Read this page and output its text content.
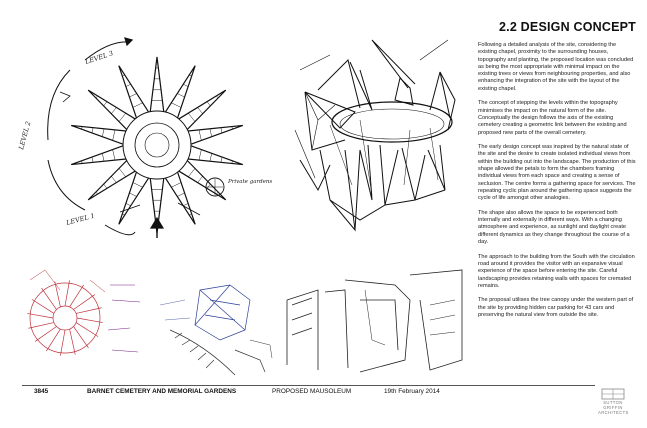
LEVEL 3
LEVEL 2
LEVEL 1
Private gardens
2.2 DESIGN CONCEPT

Following a detailed analysis of the site, considering the existing chapel, proximity to the surrounding houses, topography and planting, the proposed location was concluded as being the most appropriate with minimal impact on the existing trees or views from neighbouring properties, and also enhancing the integration of the site with the layout of the existing chapel.

The concept of stepping the levels within the topography minimises the impact on the natural form of the site. Conceptually the design follows the axis of the existing cemetery creating a geometric link between the existing and proposed new parts of the overall cemetery.

The early design concept was inspired by the natural state of the site and the desire to create isolated individual views from within the building out into the landscape. The production of this shape allowed the petals to form the chambers framing individual views from each space and creating a sense of seclusion. The centre forms a gathering space for services. The repeating cyclic plan around the gathering space suggests the cycle of life amongst other analogies.

The shape also allows the space to be experienced both internally and externally in different ways. With a changing atmosphere and experience, as sunlight and daylight create different dynamics as they change throughout the course of a day.

The approach to the building from the South with the circulation road around it provides the visitor with an expansive visual experience of the space before entering the site. Careful landscaping provides retaining walls with spaces for cremated remains.

The proposal utilises the tree canopy under the western part of the site by providing hidden car parking for 43 cars and preserving the natural view from outside the site.

3845	BARNET CEMETERY AND MEMORIAL GARDENS	PROPOSED MAUSOLEUM	19th February 2014
SUTTON
GRIFFIN
ARCHITECTS
